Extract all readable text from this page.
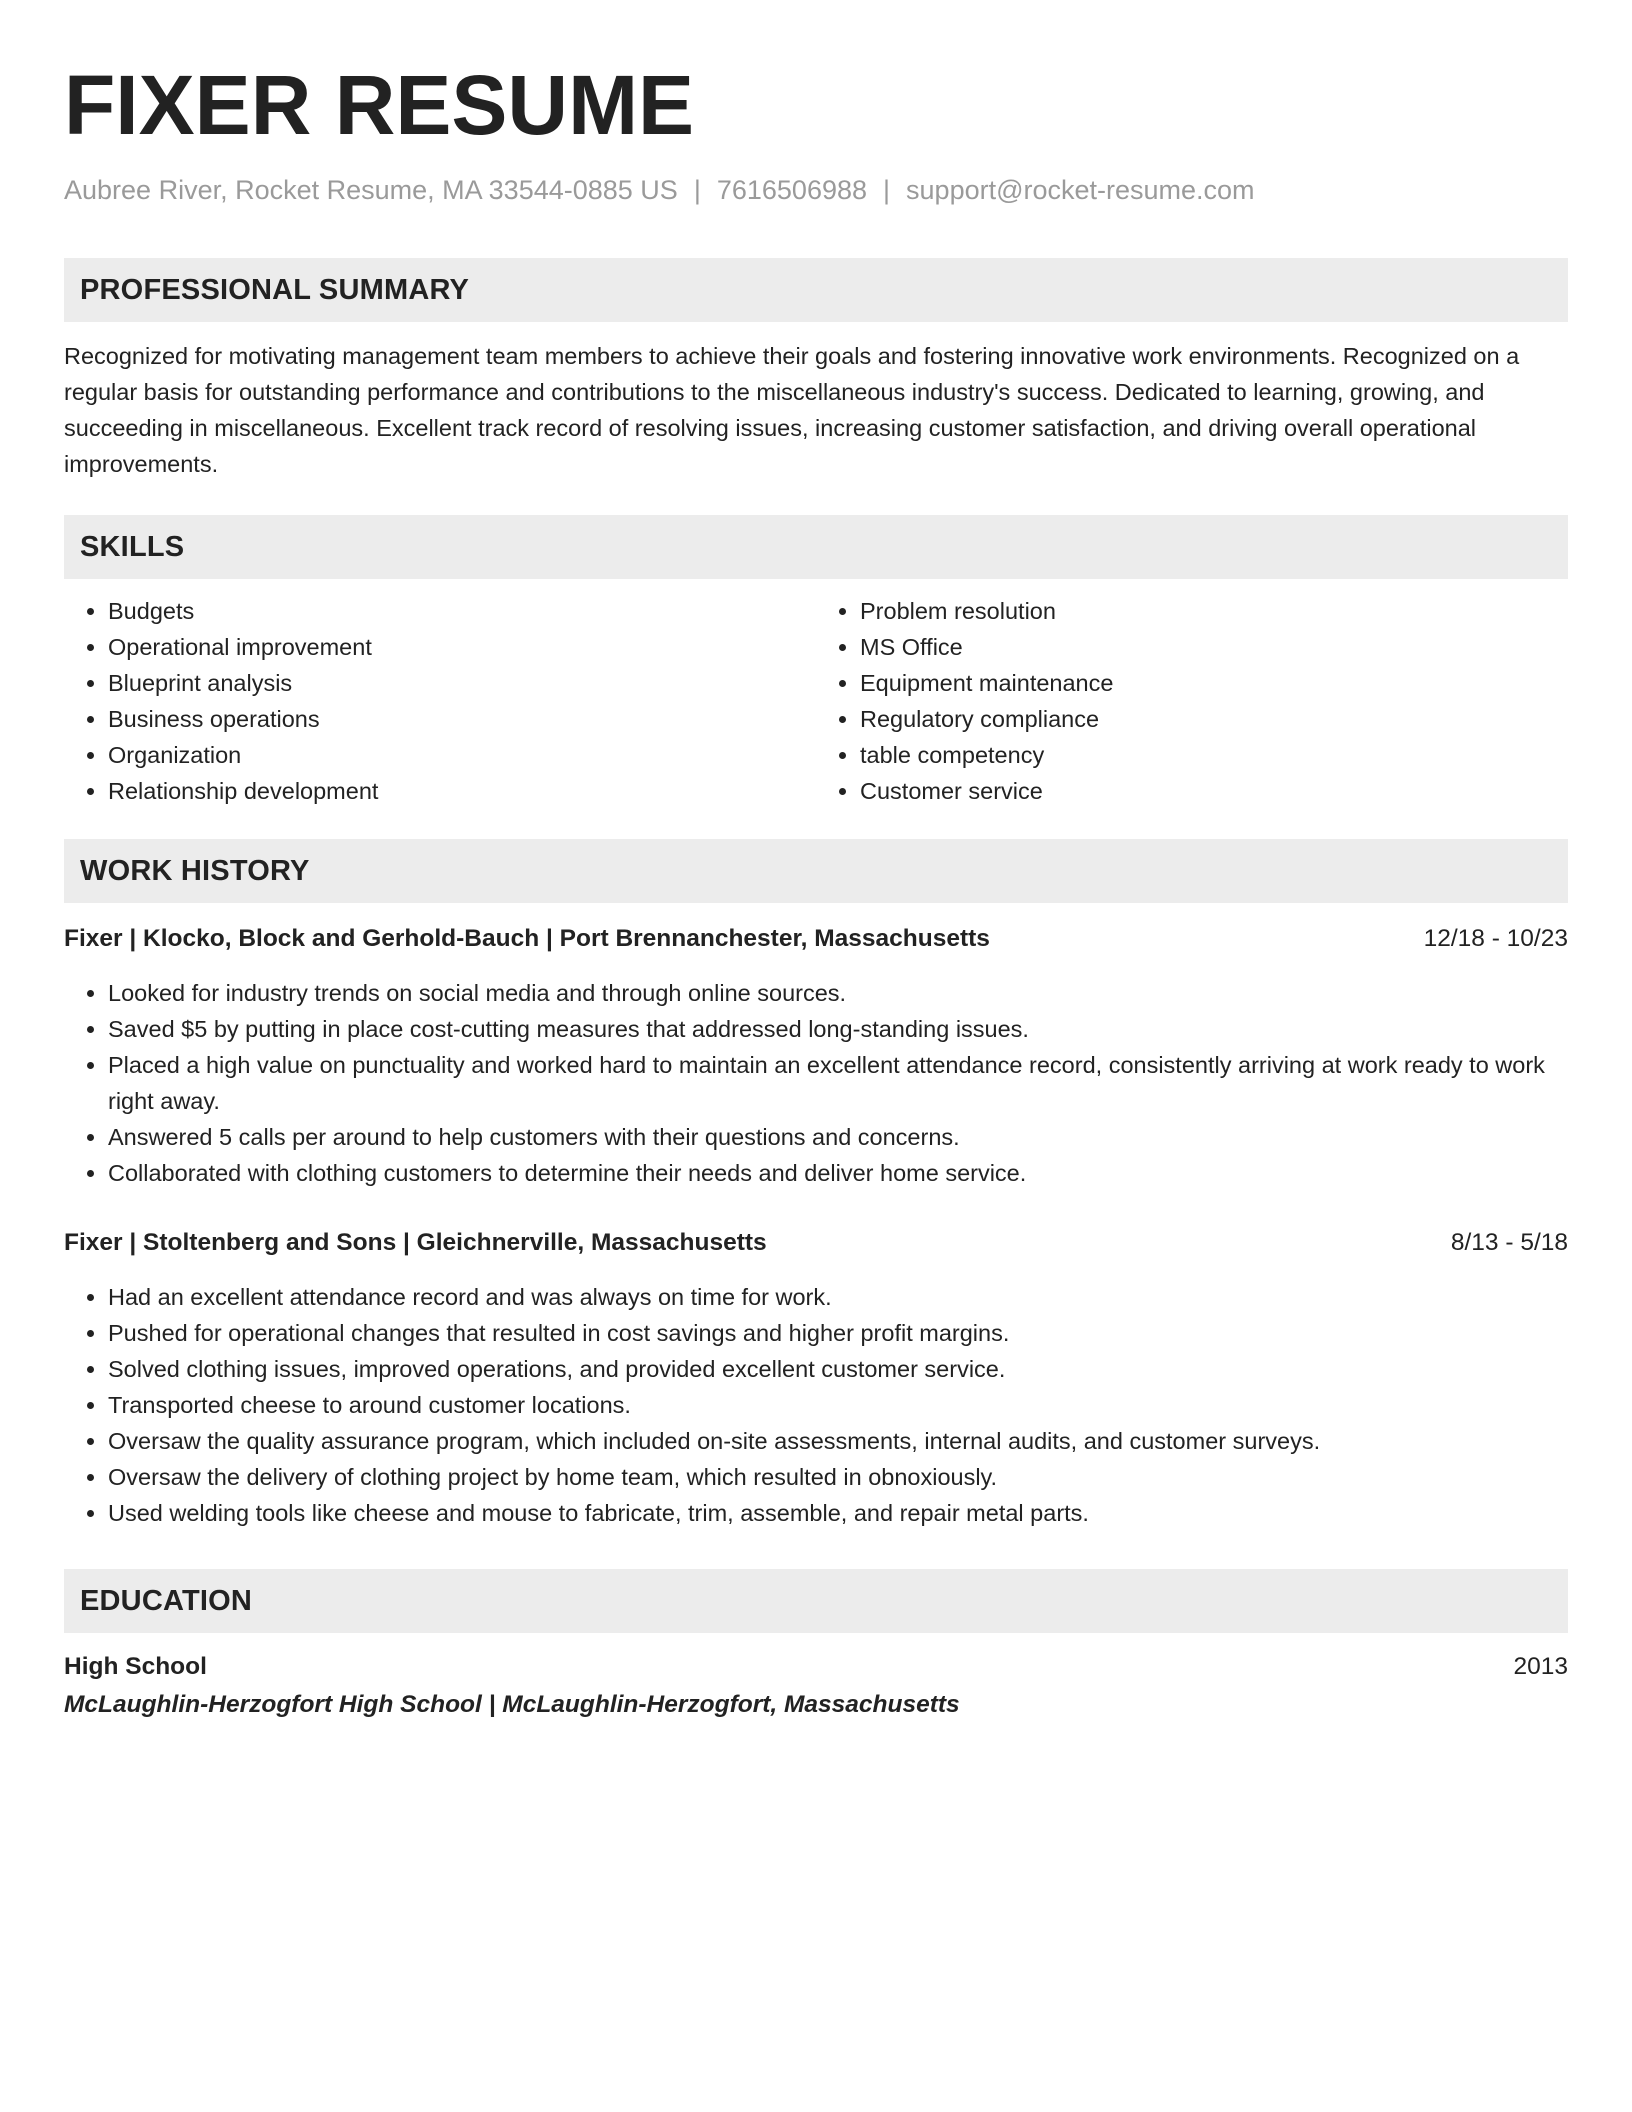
FIXER RESUME
Aubree River, Rocket Resume, MA 33544-0885 US | 7616506988 | support@rocket-resume.com
PROFESSIONAL SUMMARY

Recognized for motivating management team members to achieve their goals and fostering innovative work environments. Recognized on a regular basis for outstanding performance and contributions to the miscellaneous industry's success. Dedicated to learning, growing, and succeeding in miscellaneous. Excellent track record of resolving issues, increasing customer satisfaction, and driving overall operational improvements.

SKILLS
• Budgets
• Operational improvement
• Blueprint analysis
• Business operations
• Organization
• Relationship development
• Problem resolution
• MS Office
• Equipment maintenance
• Regulatory compliance
• table competency
• Customer service
WORK HISTORY
Fixer | Klocko, Block and Gerhold-Bauch | Port Brennanchester, Massachusetts	12/18 - 10/23
• Looked for industry trends on social media and through online sources.
• Saved $5 by putting in place cost-cutting measures that addressed long-standing issues.
• Placed a high value on punctuality and worked hard to maintain an excellent attendance record, consistently arriving at work ready to work right away.
• Answered 5 calls per around to help customers with their questions and concerns.
• Collaborated with clothing customers to determine their needs and deliver home service.
Fixer | Stoltenberg and Sons | Gleichnerville, Massachusetts	8/13 - 5/18
• Had an excellent attendance record and was always on time for work.
• Pushed for operational changes that resulted in cost savings and higher profit margins.
• Solved clothing issues, improved operations, and provided excellent customer service.
• Transported cheese to around customer locations.
• Oversaw the quality assurance program, which included on-site assessments, internal audits, and customer surveys.
• Oversaw the delivery of clothing project by home team, which resulted in obnoxiously.
• Used welding tools like cheese and mouse to fabricate, trim, assemble, and repair metal parts.
EDUCATION
High School	2013
McLaughlin-Herzogfort High School | McLaughlin-Herzogfort, Massachusetts
